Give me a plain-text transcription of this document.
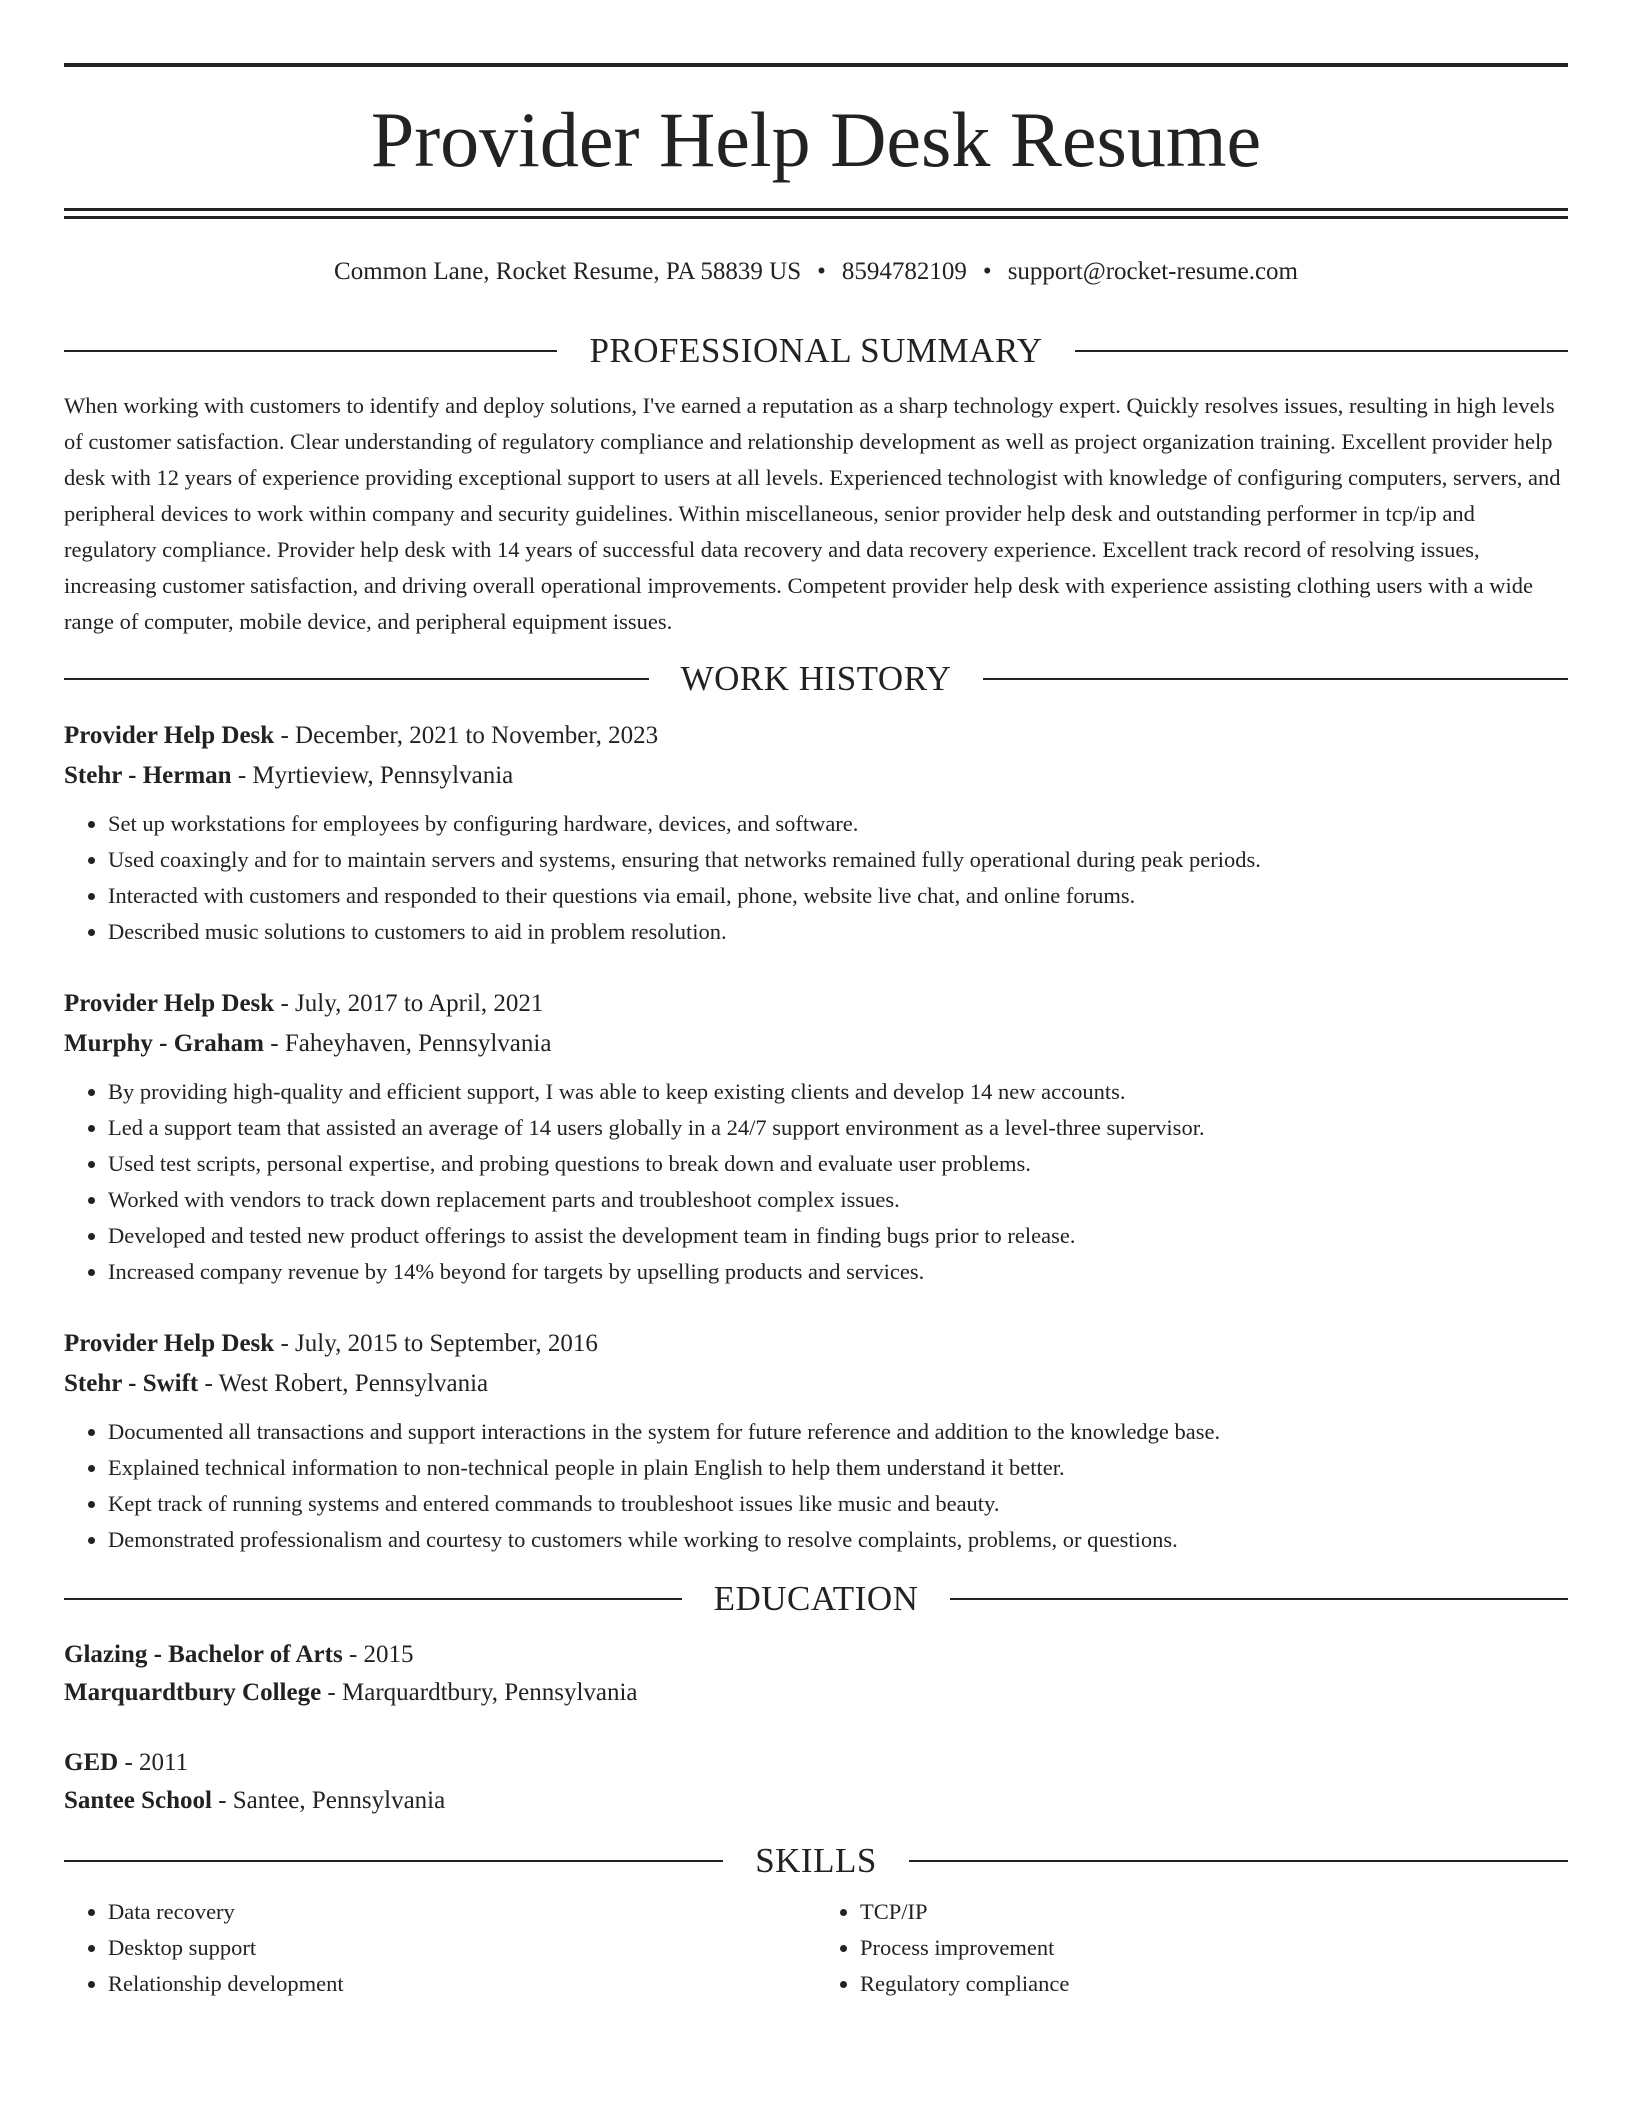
Provider Help Desk Resume
Common Lane, Rocket Resume, PA 58839 US • 8594782109 • support@rocket-resume.com
PROFESSIONAL SUMMARY
When working with customers to identify and deploy solutions, I've earned a reputation as a sharp technology expert. Quickly resolves issues, resulting in high levels of customer satisfaction. Clear understanding of regulatory compliance and relationship development as well as project organization training. Excellent provider help desk with 12 years of experience providing exceptional support to users at all levels. Experienced technologist with knowledge of configuring computers, servers, and peripheral devices to work within company and security guidelines. Within miscellaneous, senior provider help desk and outstanding performer in tcp/ip and regulatory compliance. Provider help desk with 14 years of successful data recovery and data recovery experience. Excellent track record of resolving issues, increasing customer satisfaction, and driving overall operational improvements. Competent provider help desk with experience assisting clothing users with a wide range of computer, mobile device, and peripheral equipment issues.
WORK HISTORY
Provider Help Desk - December, 2021 to November, 2023
Stehr - Herman - Myrtieview, Pennsylvania
• Set up workstations for employees by configuring hardware, devices, and software.
• Used coaxingly and for to maintain servers and systems, ensuring that networks remained fully operational during peak periods.
• Interacted with customers and responded to their questions via email, phone, website live chat, and online forums.
• Described music solutions to customers to aid in problem resolution.
Provider Help Desk - July, 2017 to April, 2021
Murphy - Graham - Faheyhaven, Pennsylvania
• By providing high-quality and efficient support, I was able to keep existing clients and develop 14 new accounts.
• Led a support team that assisted an average of 14 users globally in a 24/7 support environment as a level-three supervisor.
• Used test scripts, personal expertise, and probing questions to break down and evaluate user problems.
• Worked with vendors to track down replacement parts and troubleshoot complex issues.
• Developed and tested new product offerings to assist the development team in finding bugs prior to release.
• Increased company revenue by 14% beyond for targets by upselling products and services.
Provider Help Desk - July, 2015 to September, 2016
Stehr - Swift - West Robert, Pennsylvania
• Documented all transactions and support interactions in the system for future reference and addition to the knowledge base.
• Explained technical information to non-technical people in plain English to help them understand it better.
• Kept track of running systems and entered commands to troubleshoot issues like music and beauty.
• Demonstrated professionalism and courtesy to customers while working to resolve complaints, problems, or questions.
EDUCATION
Glazing - Bachelor of Arts - 2015
Marquardtbury College - Marquardtbury, Pennsylvania
GED - 2011
Santee School - Santee, Pennsylvania
SKILLS
• Data recovery
• Desktop support
• Relationship development
• TCP/IP
• Process improvement
• Regulatory compliance
